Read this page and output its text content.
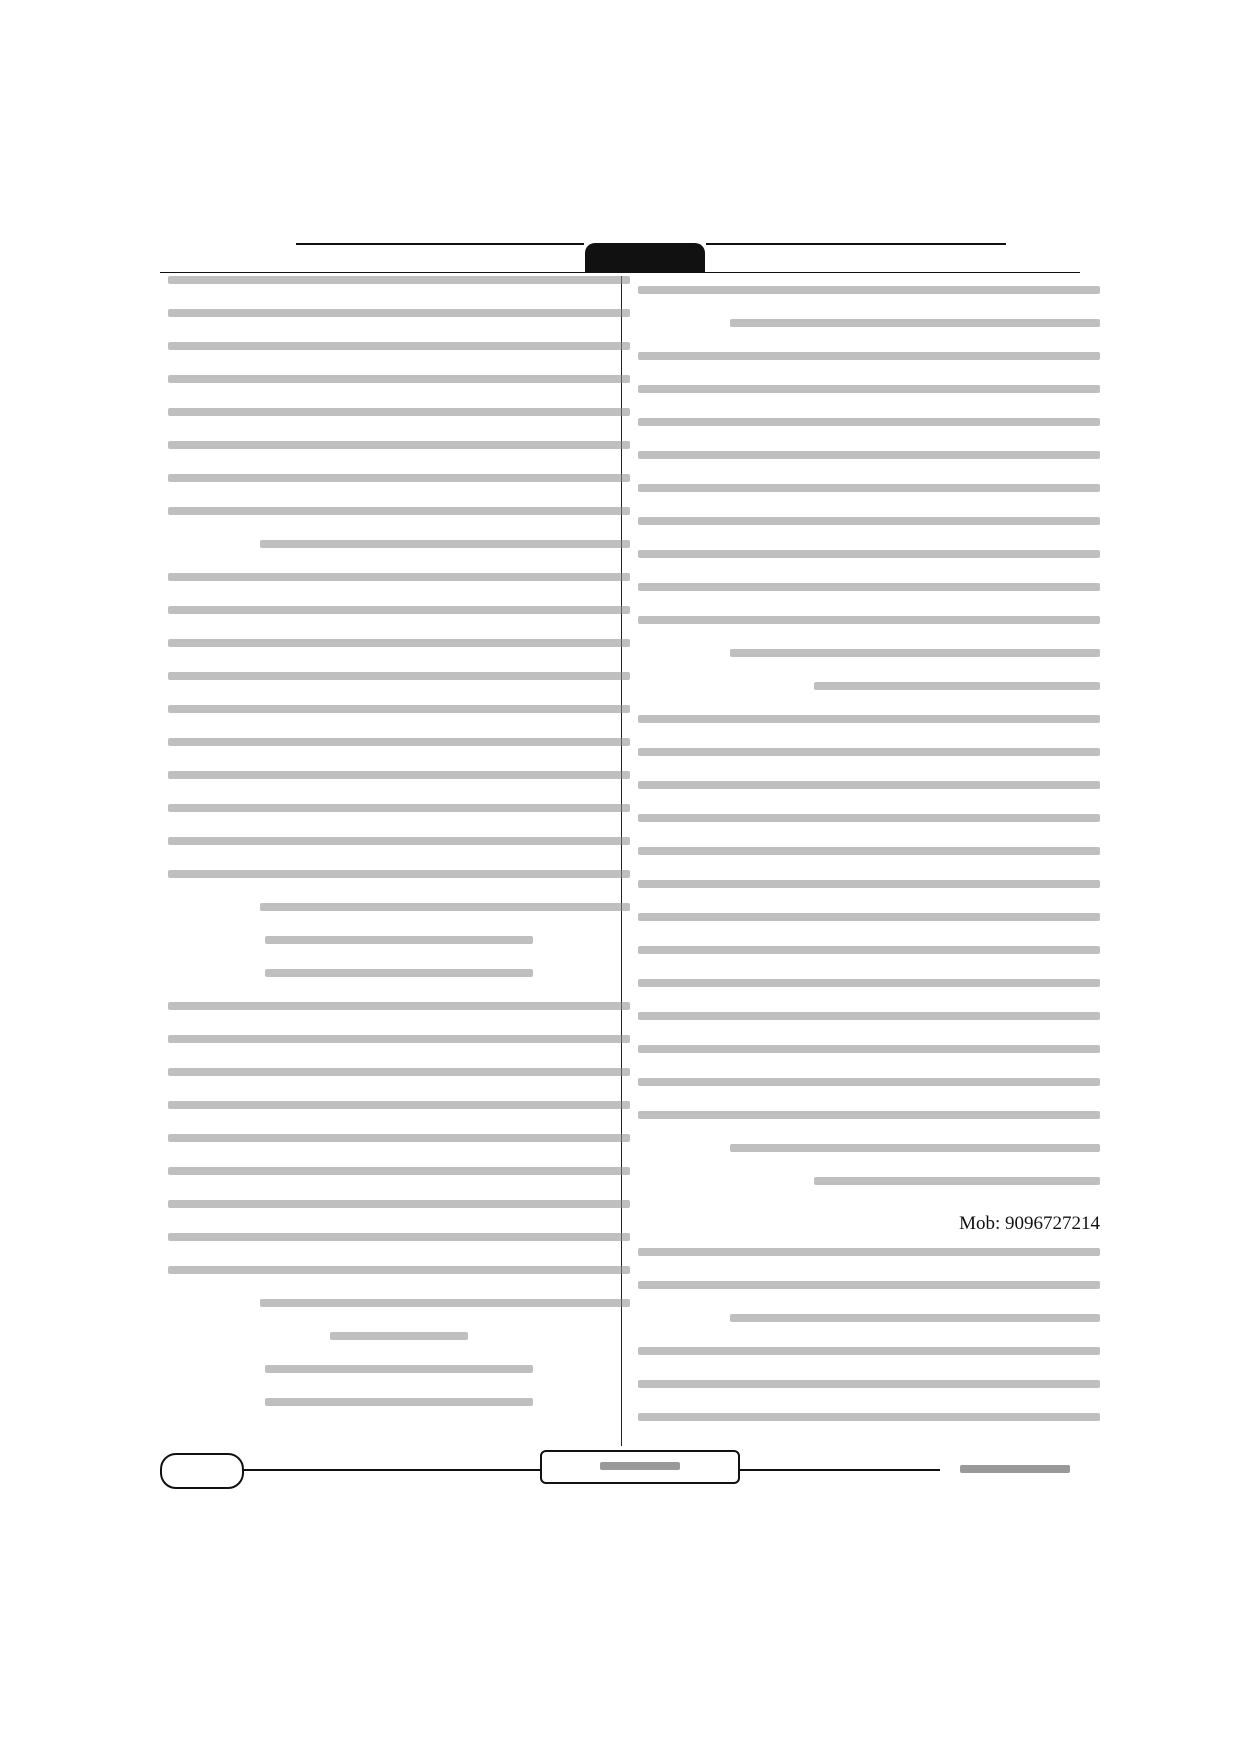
Mob: 9096727214
